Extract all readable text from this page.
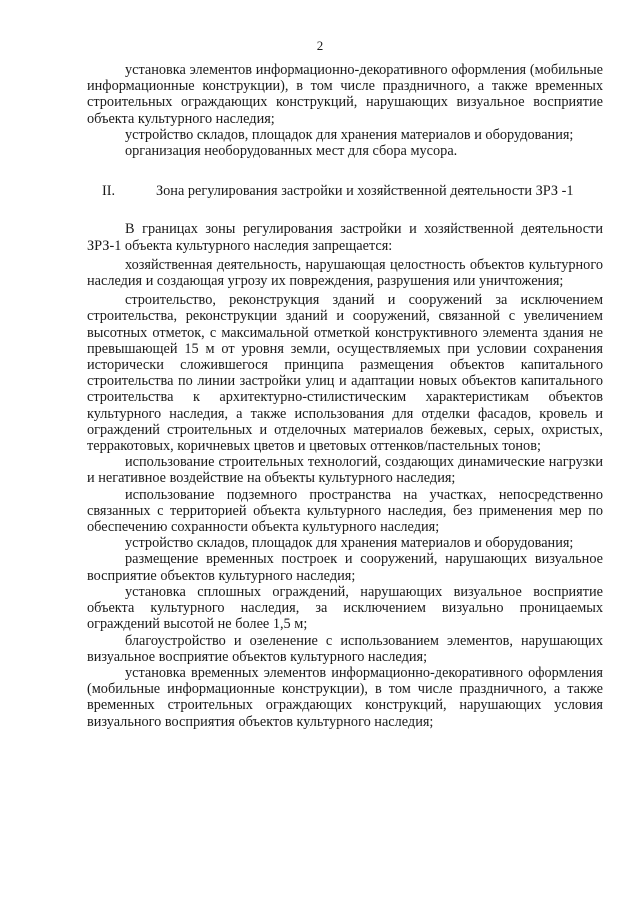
2

установка элементов информационно-декоративного оформления (мобильные информационные конструкции), в том числе праздничного, а также временных строительных ограждающих конструкций, нарушающих визуальное восприятие объекта культурного наследия;

устройство складов, площадок для хранения материалов и оборудования;

организация необорудованных мест для сбора мусора.

II.	Зона регулирования застройки и хозяйственной деятельности ЗРЗ -1

В границах зоны регулирования застройки и хозяйственной деятельности ЗРЗ-1 объекта культурного наследия запрещается:

хозяйственная деятельность, нарушающая целостность объектов культурного наследия и создающая угрозу их повреждения, разрушения или уничтожения;

строительство, реконструкция зданий и сооружений за исключением строительства, реконструкции зданий и сооружений, связанной с увеличением высотных отметок, с максимальной отметкой конструктивного элемента здания не превышающей 15 м от уровня земли, осуществляемых при условии сохранения исторически сложившегося принципа размещения объектов капитального строительства по линии застройки улиц и адаптации новых объектов капитального строительства к архитектурно-стилистическим характеристикам объектов культурного наследия, а также использования для отделки фасадов, кровель и ограждений строительных и отделочных материалов бежевых, серых, охристых, терракотовых, коричневых цветов и цветовых оттенков/пастельных тонов;

использование строительных технологий, создающих динамические нагрузки и негативное воздействие на объекты культурного наследия;

использование подземного пространства на участках, непосредственно связанных с территорией объекта культурного наследия, без применения мер по обеспечению сохранности объекта культурного наследия;

устройство складов, площадок для хранения материалов и оборудования;

размещение временных построек и сооружений, нарушающих визуальное восприятие объектов культурного наследия;

установка сплошных ограждений, нарушающих визуальное восприятие объекта культурного наследия, за исключением визуально проницаемых ограждений высотой не более 1,5 м;

благоустройство и озеленение с использованием элементов, нарушающих визуальное восприятие объектов культурного наследия;

установка временных элементов информационно-декоративного оформления (мобильные информационные конструкции), в том числе праздничного, а также временных строительных ограждающих конструкций, нарушающих условия визуального восприятия объектов культурного наследия;
